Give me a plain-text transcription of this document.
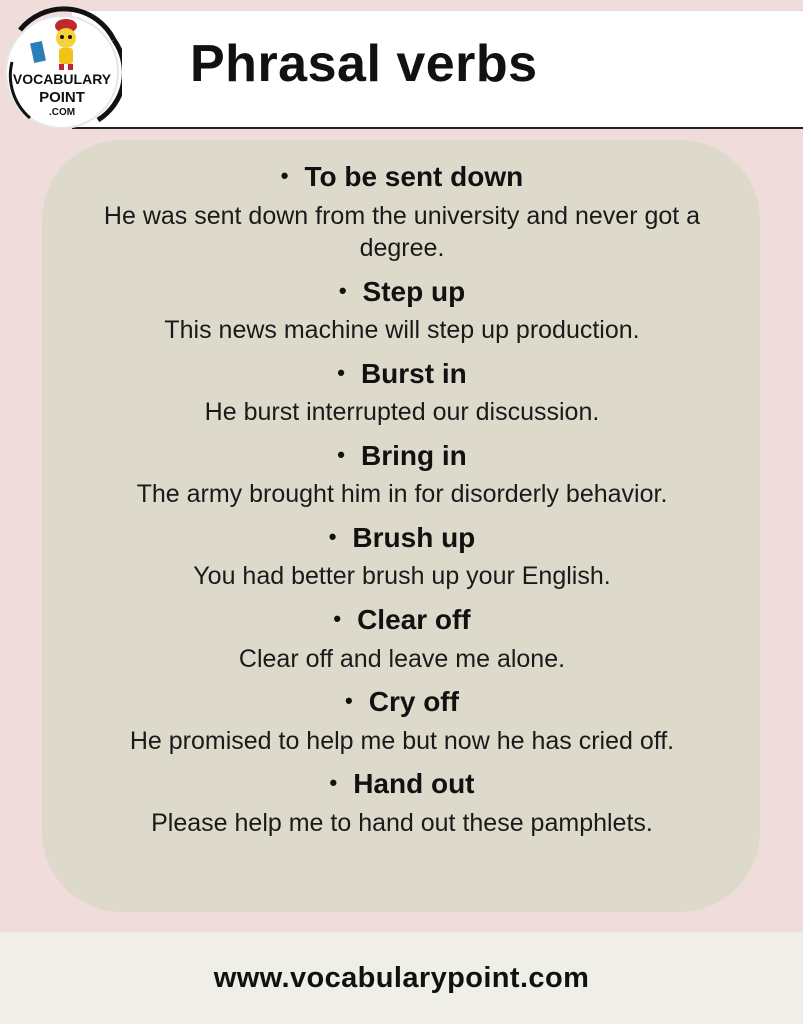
Phrasal verbs
VOCABULARY
POINT
.COM

• To be sent down

He was sent down from the university and never got a degree.

• Step up

This news machine will step up production.

• Burst in

He burst interrupted our discussion.

• Bring in

The army brought him in for disorderly behavior.

• Brush up

You had better brush up your English.

• Clear off

Clear off and leave me alone.

• Cry off

He promised to help me but now he has cried off.

• Hand out

Please help me to hand out these pamphlets.
www.vocabularypoint.com
